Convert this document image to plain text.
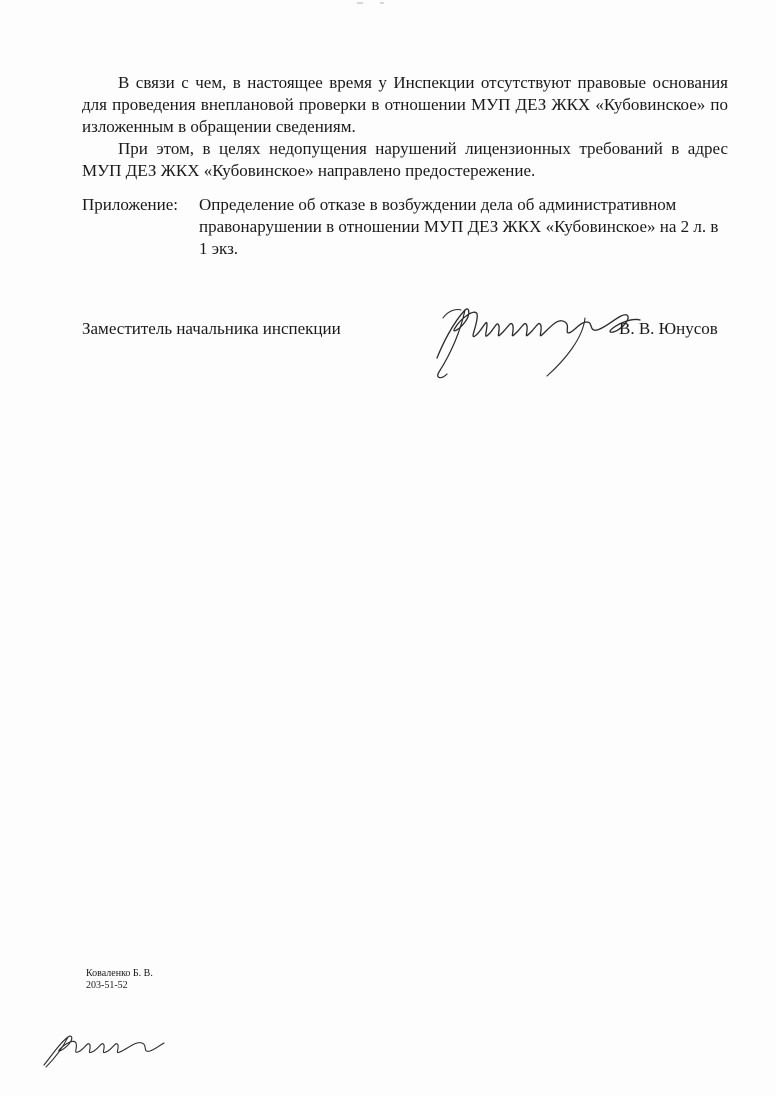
В связи с чем, в настоящее время у Инспекции отсутствуют правовые основания для проведения внеплановой проверки в отношении МУП ДЕЗ ЖКХ «Кубовинское» по изложенным в обращении сведениям.

При этом, в целях недопущения нарушений лицензионных требований в адрес МУП ДЕЗ ЖКХ «Кубовинское» направлено предостережение.

Приложение: Определение об отказе в возбуждении дела об административном правонарушении в отношении МУП ДЕЗ ЖКХ «Кубовинское» на 2 л. в 1 экз.

Заместитель начальника инспекции	В. В. Юнусов
Коваленко Б. В.
203-51-52
